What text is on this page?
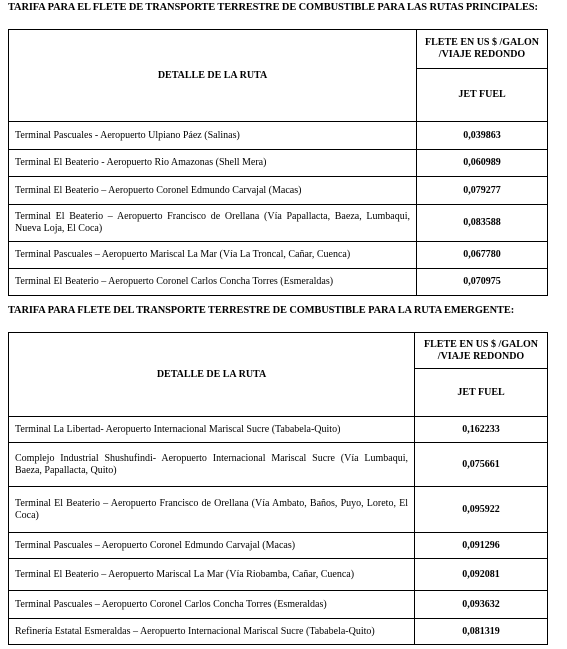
TARIFA PARA EL FLETE DE TRANSPORTE TERRESTRE DE COMBUSTIBLE PARA LAS RUTAS PRINCIPALES:
DETALLE DE LA RUTA	FLETE EN US $ /GALON /VIAJE REDONDO
	JET FUEL
Terminal Pascuales - Aeropuerto Ulpiano Páez (Salinas)	0,039863
Terminal El Beaterio - Aeropuerto Rio Amazonas (Shell Mera)	0,060989
Terminal El Beaterio – Aeropuerto Coronel Edmundo Carvajal (Macas)	0,079277
Terminal El Beaterio – Aeropuerto Francisco de Orellana (Vía Papallacta, Baeza, Lumbaqui, Nueva Loja, El Coca)	0,083588
Terminal Pascuales – Aeropuerto Mariscal La Mar (Vía La Troncal, Cañar, Cuenca)	0,067780
Terminal El Beaterio – Aeropuerto Coronel Carlos Concha Torres (Esmeraldas)	0,070975
TARIFA PARA FLETE DEL TRANSPORTE TERRESTRE DE COMBUSTIBLE PARA LA RUTA EMERGENTE:
DETALLE DE LA RUTA	FLETE EN US $ /GALON /VIAJE REDONDO
	JET FUEL
Terminal La Libertad- Aeropuerto Internacional Mariscal Sucre (Tababela-Quito)	0,162233
Complejo Industrial Shushufindi- Aeropuerto Internacional Mariscal Sucre (Vía Lumbaqui, Baeza, Papallacta, Quito)	0,075661
Terminal El Beaterio – Aeropuerto Francisco de Orellana (Vía Ambato, Baños, Puyo, Loreto, El Coca)	0,095922
Terminal Pascuales – Aeropuerto Coronel Edmundo Carvajal (Macas)	0,091296
Terminal El Beaterio – Aeropuerto Mariscal La Mar (Vía Riobamba, Cañar, Cuenca)	0,092081
Terminal Pascuales – Aeropuerto Coronel Carlos Concha Torres (Esmeraldas)	0,093632
Refinería Estatal Esmeraldas – Aeropuerto Internacional Mariscal Sucre (Tababela-Quito)	0,081319
